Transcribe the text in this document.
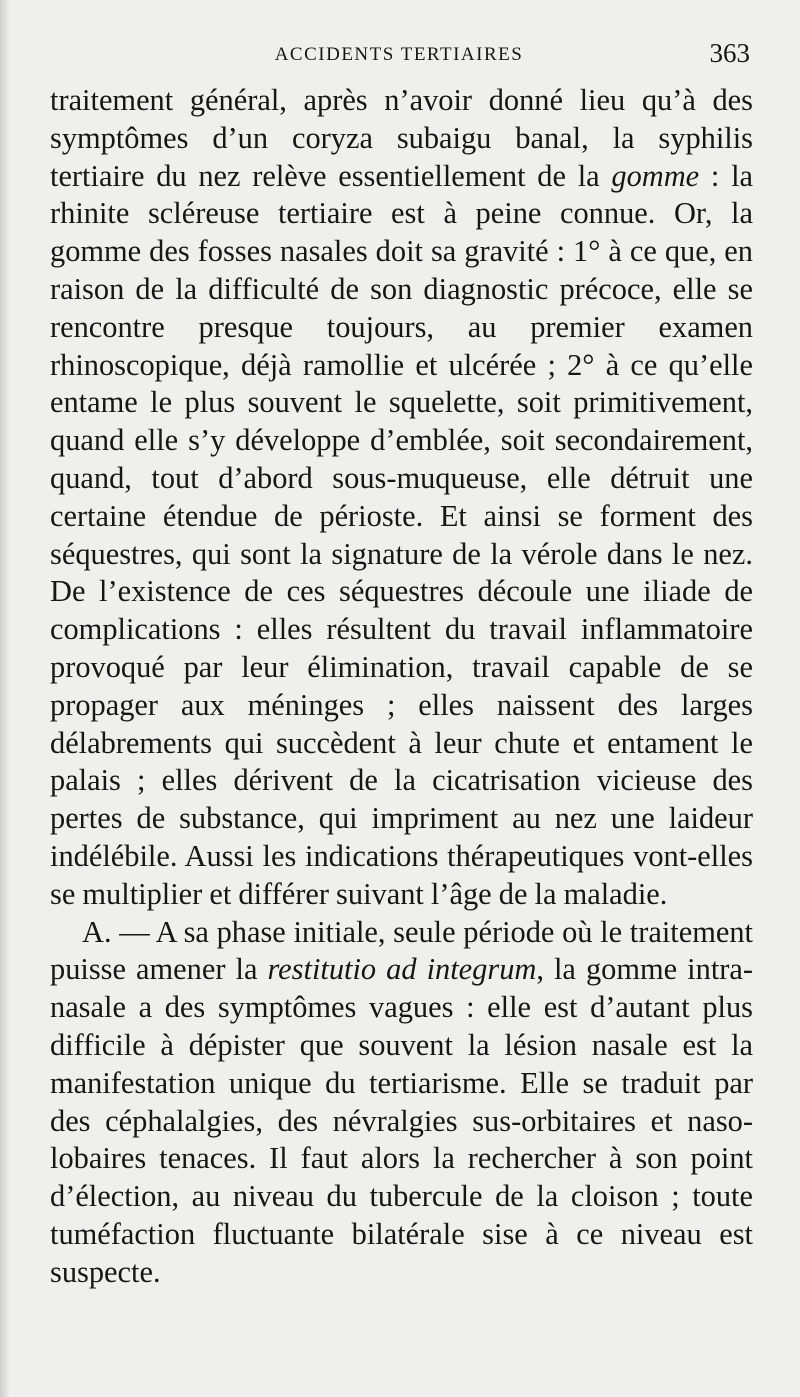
ACCIDENTS TERTIAIRES	363

traitement général, après n’avoir donné lieu qu’à des symptômes d’un coryza subaigu banal, la syphilis tertiaire du nez relève essentiellement de la gomme : la rhinite scléreuse tertiaire est à peine connue. Or, la gomme des fosses nasales doit sa gravité : 1° à ce que, en raison de la difficulté de son diagnostic précoce, elle se rencontre presque toujours, au premier examen rhinoscopique, déjà ramollie et ulcérée ; 2° à ce qu’elle entame le plus souvent le squelette, soit primitivement, quand elle s’y développe d’emblée, soit secondairement, quand, tout d’abord sous-muqueuse, elle détruit une certaine étendue de périoste. Et ainsi se forment des séquestres, qui sont la signature de la vérole dans le nez. De l’existence de ces séquestres découle une iliade de complications : elles résultent du travail inflammatoire provoqué par leur élimination, travail capable de se propager aux méninges ; elles naissent des larges délabrements qui succèdent à leur chute et entament le palais ; elles dérivent de la cicatrisation vicieuse des pertes de substance, qui impriment au nez une laideur indélébile. Aussi les indications thérapeutiques vont-elles se multiplier et différer suivant l’âge de la maladie.

A. — A sa phase initiale, seule période où le traitement puisse amener la restitutio ad integrum, la gomme intra-nasale a des symptômes vagues : elle est d’autant plus difficile à dépister que souvent la lésion nasale est la manifestation unique du tertiarisme. Elle se traduit par des céphalalgies, des névralgies sus-orbitaires et naso-lobaires tenaces. Il faut alors la rechercher à son point d’élection, au niveau du tubercule de la cloison ; toute tuméfaction fluctuante bilatérale sise à ce niveau est suspecte.
